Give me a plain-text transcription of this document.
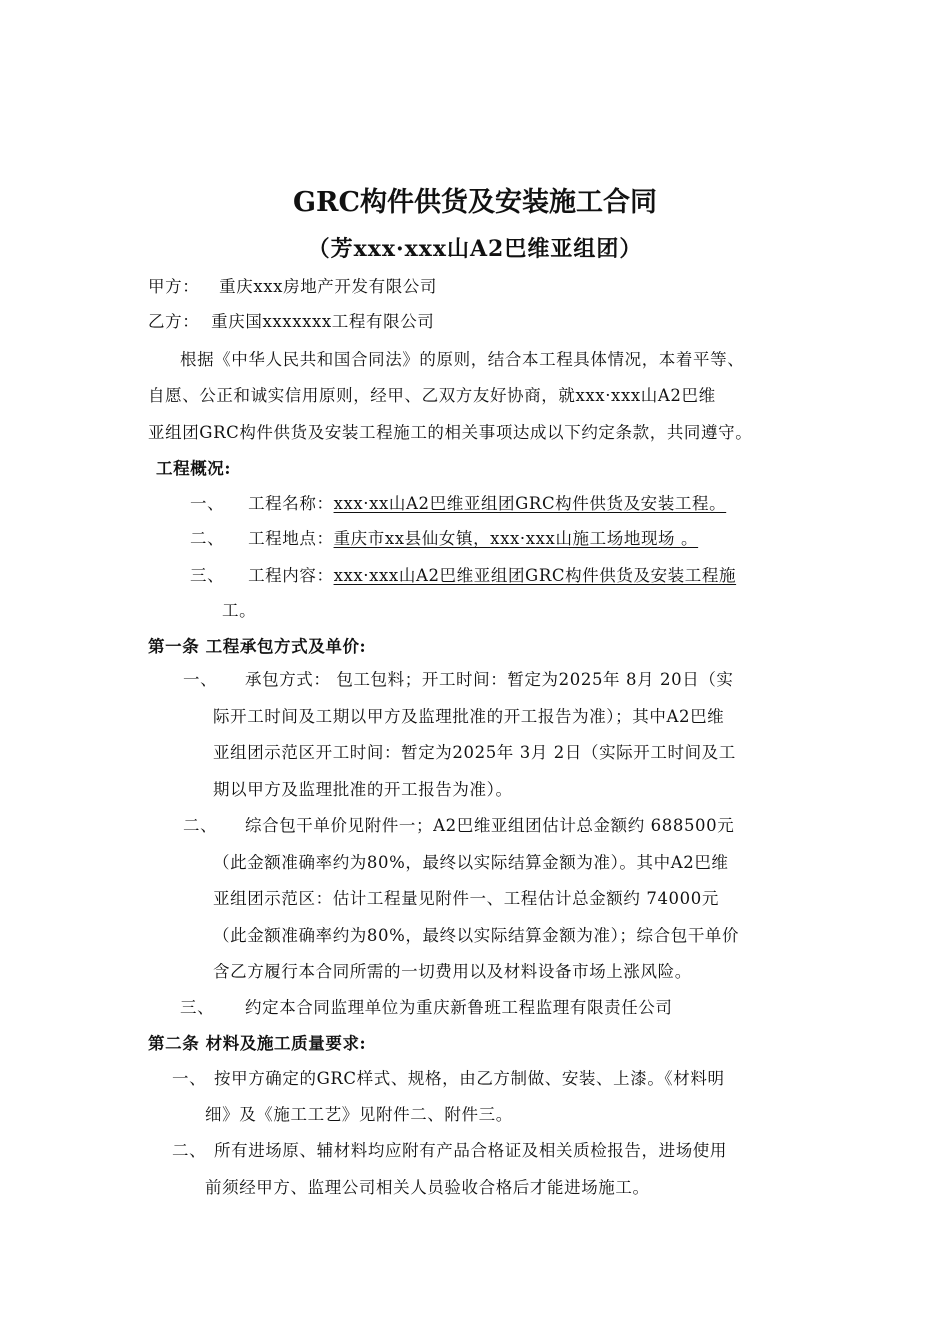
GRC构件供货及安装施工合同
（芳xxx·xxx山A2巴维亚组团）
甲方： 重庆xxx房地产开发有限公司
乙方： 重庆国xxxxxxx工程有限公司
根据《中华人民共和国合同法》的原则，结合本工程具体情况，本着平等、
自愿、公正和诚实信用原则，经甲、乙双方友好协商，就xxx·xxx山A2巴维
亚组团GRC构件供货及安装工程施工的相关事项达成以下约定条款，共同遵守。
工程概况:
一、 工程名称：xxx·xx山A2巴维亚组团GRC构件供货及安装工程。
二、 工程地点：重庆市xx县仙女镇，xxx·xxx山施工场地现场 。
三、 工程内容：xxx·xxx山A2巴维亚组团GRC构件供货及安装工程施
工。
第一条 工程承包方式及单价:
一、 承包方式： 包工包料；开工时间：暂定为2025年 8月 20日（实
际开工时间及工期以甲方及监理批准的开工报告为准）；其中A2巴维
亚组团示范区开工时间：暂定为2025年 3月 2日（实际开工时间及工
期以甲方及监理批准的开工报告为准）。
二、 综合包干单价见附件一；A2巴维亚组团估计总金额约 688500元
（此金额准确率约为80%，最终以实际结算金额为准）。其中A2巴维
亚组团示范区：估计工程量见附件一、工程估计总金额约 74000元
（此金额准确率约为80%，最终以实际结算金额为准）；综合包干单价
含乙方履行本合同所需的一切费用以及材料设备市场上涨风险。
三、 约定本合同监理单位为重庆新鲁班工程监理有限责任公司
第二条 材料及施工质量要求:
一、 按甲方确定的GRC样式、规格，由乙方制做、安装、上漆。《材料明
细》及《施工工艺》见附件二、附件三。
二、 所有进场原、辅材料均应附有产品合格证及相关质检报告，进场使用
前须经甲方、监理公司相关人员验收合格后才能进场施工。
